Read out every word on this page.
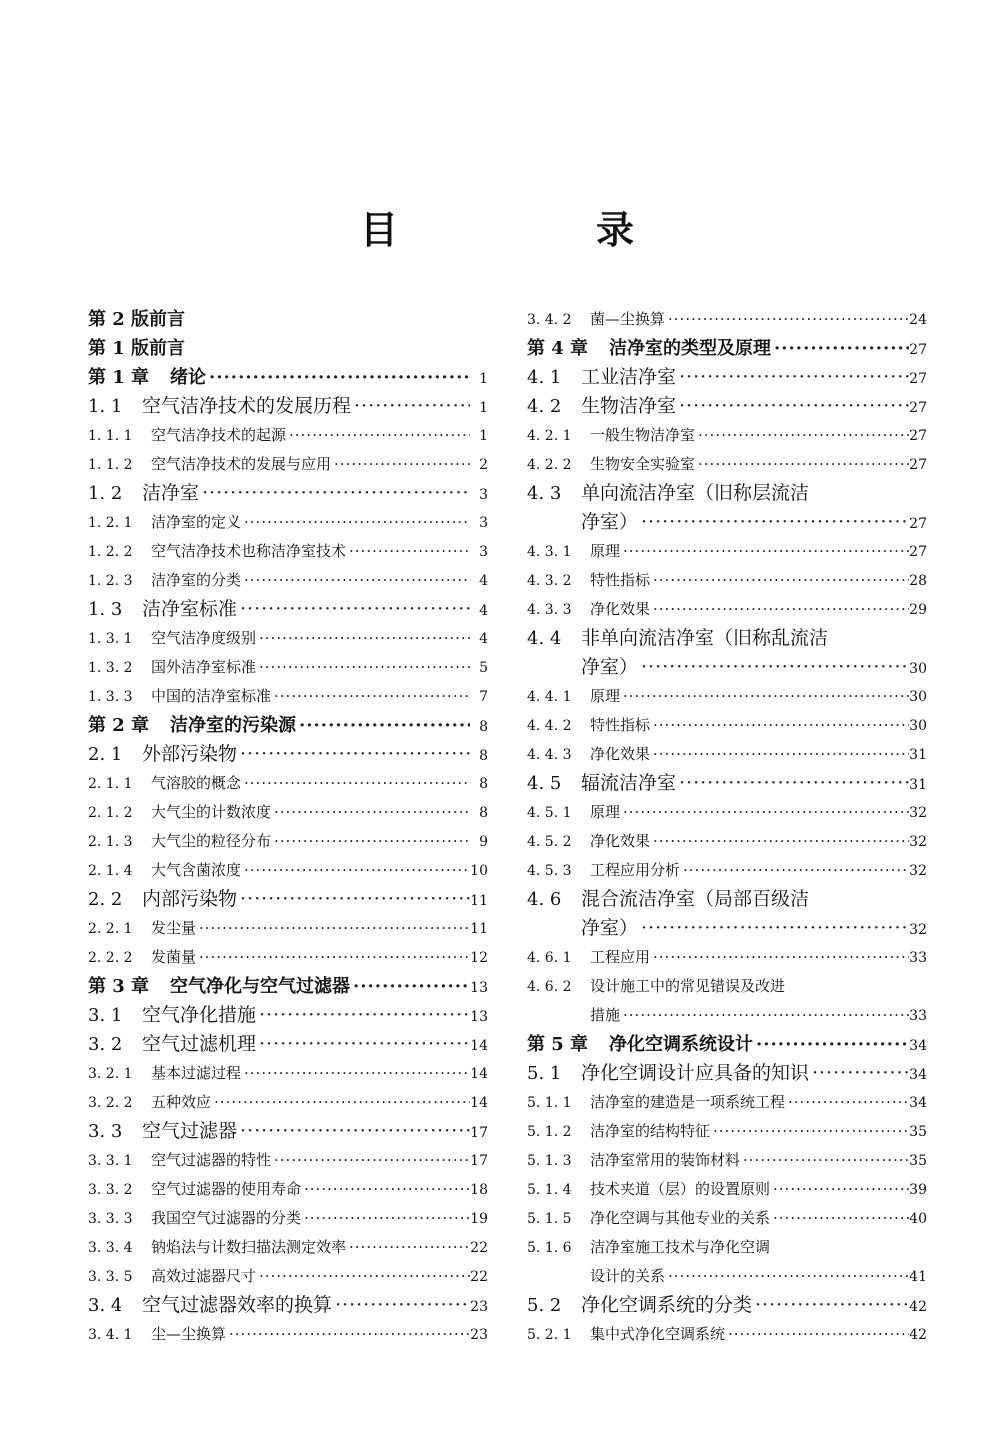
目　录
第 2 版前言
第 1 版前言
第 1 章	绪论 ·····	1
1. 1	空气洁净技术的发展历程 ·····	1
1. 1. 1	空气洁净技术的起源 ·····	1
1. 1. 2	空气洁净技术的发展与应用 ·····	2
1. 2	洁净室 ·····	3
1. 2. 1	洁净室的定义 ·····	3
1. 2. 2	空气洁净技术也称洁净室技术 ·····	3
1. 2. 3	洁净室的分类 ·····	4
1. 3	洁净室标准 ·····	4
1. 3. 1	空气洁净度级别 ·····	4
1. 3. 2	国外洁净室标准 ·····	5
1. 3. 3	中国的洁净室标准 ·····	7
第 2 章	洁净室的污染源 ·····	8
2. 1	外部污染物 ·····	8
2. 1. 1	气溶胶的概念 ·····	8
2. 1. 2	大气尘的计数浓度 ·····	8
2. 1. 3	大气尘的粒径分布 ·····	9
2. 1. 4	大气含菌浓度 ·····	10
2. 2	内部污染物 ·····	11
2. 2. 1	发尘量 ·····	11
2. 2. 2	发菌量 ·····	12
第 3 章	空气净化与空气过滤器 ·····	13
3. 1	空气净化措施 ·····	13
3. 2	空气过滤机理 ·····	14
3. 2. 1	基本过滤过程 ·····	14
3. 2. 2	五种效应 ·····	14
3. 3	空气过滤器 ·····	17
3. 3. 1	空气过滤器的特性 ·····	17
3. 3. 2	空气过滤器的使用寿命 ·····	18
3. 3. 3	我国空气过滤器的分类 ·····	19
3. 3. 4	钠焰法与计数扫描法测定效率 ·····	22
3. 3. 5	高效过滤器尺寸 ·····	22
3. 4	空气过滤器效率的换算 ·····	23
3. 4. 1	尘—尘换算 ·····	23
3. 4. 2	菌—尘换算 ·····	24
第 4 章	洁净室的类型及原理 ·····	27
4. 1	工业洁净室 ·····	27
4. 2	生物洁净室 ·····	27
4. 2. 1	一般生物洁净室 ·····	27
4. 2. 2	生物安全实验室 ·····	27
4. 3	单向流洁净室（旧称层流洁
净室） ·····	27
4. 3. 1	原理 ·····	27
4. 3. 2	特性指标 ·····	28
4. 3. 3	净化效果 ·····	29
4. 4	非单向流洁净室（旧称乱流洁
净室） ·····	30
4. 4. 1	原理 ·····	30
4. 4. 2	特性指标 ·····	30
4. 4. 3	净化效果 ·····	31
4. 5	辐流洁净室 ·····	31
4. 5. 1	原理 ·····	32
4. 5. 2	净化效果 ·····	32
4. 5. 3	工程应用分析 ·····	32
4. 6	混合流洁净室（局部百级洁
净室） ·····	32
4. 6. 1	工程应用 ·····	33
4. 6. 2	设计施工中的常见错误及改进
措施 ·····	33
第 5 章	净化空调系统设计 ·····	34
5. 1	净化空调设计应具备的知识 ·····	34
5. 1. 1	洁净室的建造是一项系统工程 ·····	34
5. 1. 2	洁净室的结构特征 ·····	35
5. 1. 3	洁净室常用的装饰材料 ·····	35
5. 1. 4	技术夹道（层）的设置原则 ·····	39
5. 1. 5	净化空调与其他专业的关系 ·····	40
5. 1. 6	洁净室施工技术与净化空调
设计的关系 ·····	41
5. 2	净化空调系统的分类 ·····	42
5. 2. 1	集中式净化空调系统 ·····	42
